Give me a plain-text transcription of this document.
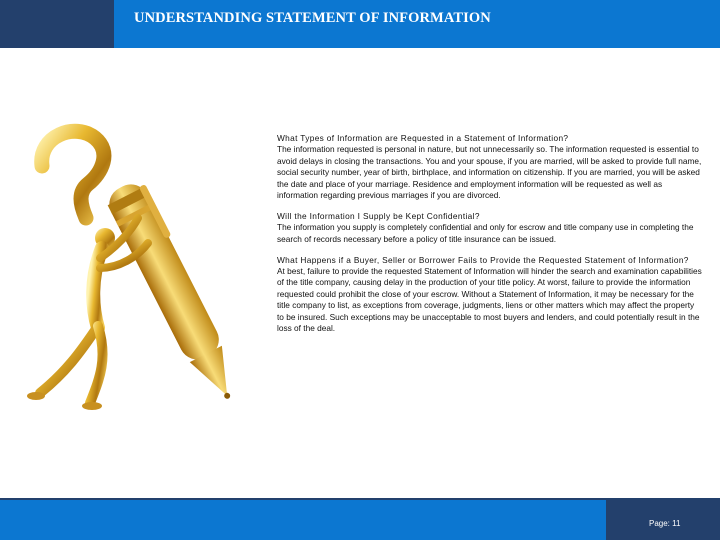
UNDERSTANDING STATEMENT OF INFORMATION
What Types of Information are Requested in a Statement of Information?
The information requested is personal in nature, but not unnecessarily so. The information requested is essential to avoid delays in closing the transactions. You and your spouse, if you are married, will be asked to provide full name, social security number, year of birth, birthplace, and information on citizenship. If you are married, you will be asked the date and place of your marriage. Residence and employment information will be requested as well as information regarding previous marriages if you are divorced.
Will the Information I Supply be Kept Confidential?
The information you supply is completely confidential and only for escrow and title company use in completing the search of records necessary before a policy of title insurance can be issued.
What Happens if a Buyer, Seller or Borrower Fails to Provide the Requested Statement of Information?
At best, failure to provide the requested Statement of Information will hinder the search and examination capabilities of the title company, causing delay in the production of your title policy. At worst, failure to provide the information requested could prohibit the close of your escrow. Without a Statement of Information, it may be necessary for the title company to list, as exceptions from coverage, judgments, liens or other matters which may affect the property to be insured. Such exceptions may be unacceptable to most buyers and lenders, and could potentially result in the loss of the deal.
Page: 11
